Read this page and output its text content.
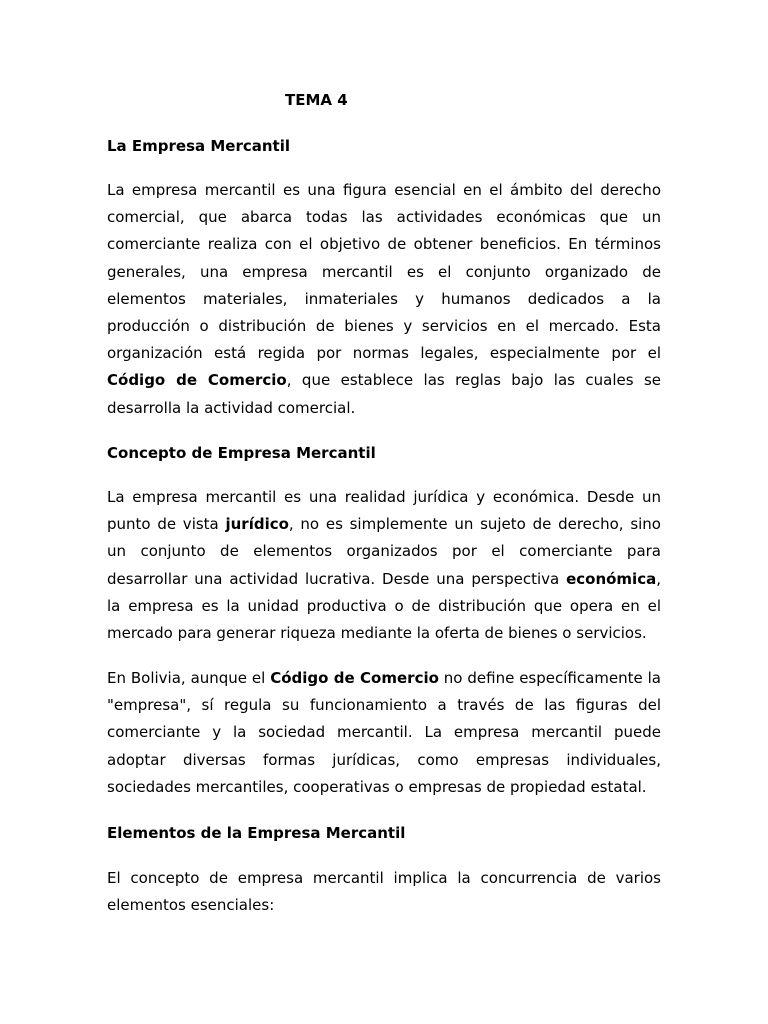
TEMA 4

La Empresa Mercantil

La empresa mercantil es una figura esencial en el ámbito del derecho comercial, que abarca todas las actividades económicas que un comerciante realiza con el objetivo de obtener beneficios. En términos generales, una empresa mercantil es el conjunto organizado de elementos materiales, inmateriales y humanos dedicados a la producción o distribución de bienes y servicios en el mercado. Esta organización está regida por normas legales, especialmente por el Código de Comercio, que establece las reglas bajo las cuales se desarrolla la actividad comercial.

Concepto de Empresa Mercantil

La empresa mercantil es una realidad jurídica y económica. Desde un punto de vista jurídico, no es simplemente un sujeto de derecho, sino un conjunto de elementos organizados por el comerciante para desarrollar una actividad lucrativa. Desde una perspectiva económica, la empresa es la unidad productiva o de distribución que opera en el mercado para generar riqueza mediante la oferta de bienes o servicios.

En Bolivia, aunque el Código de Comercio no define específicamente la "empresa", sí regula su funcionamiento a través de las figuras del comerciante y la sociedad mercantil. La empresa mercantil puede adoptar diversas formas jurídicas, como empresas individuales, sociedades mercantiles, cooperativas o empresas de propiedad estatal.

Elementos de la Empresa Mercantil

El concepto de empresa mercantil implica la concurrencia de varios elementos esenciales:
